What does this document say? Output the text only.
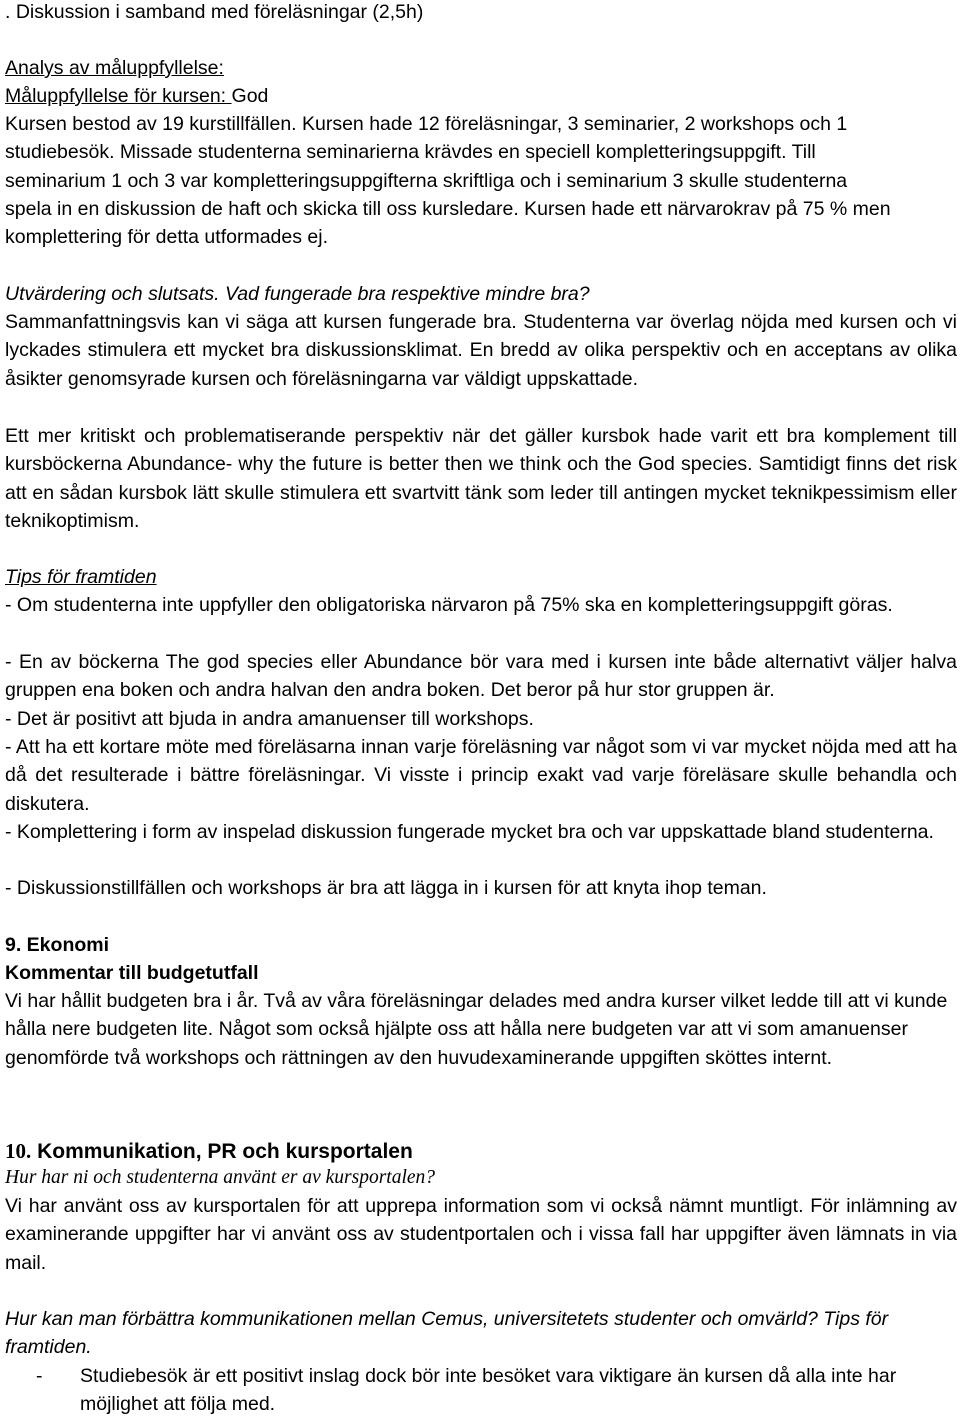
. Diskussion i samband med föreläsningar (2,5h)

Analys av måluppfyllelse:

Måluppfyllelse för kursen: God

Kursen bestod av 19 kurstillfällen. Kursen hade 12 föreläsningar, 3 seminarier, 2 workshops och 1

studiebesök. Missade studenterna seminarierna krävdes en speciell kompletteringsuppgift. Till

seminarium 1 och 3 var kompletteringsuppgifterna skriftliga och i seminarium 3 skulle studenterna

spela in en diskussion de haft och skicka till oss kursledare. Kursen hade ett närvarokrav på 75 % men

komplettering för detta utformades ej.

Utvärdering och slutsats. Vad fungerade bra respektive mindre bra?

Sammanfattningsvis kan vi säga att kursen fungerade bra. Studenterna var överlag nöjda med kursen och vi lyckades stimulera ett mycket bra diskussionsklimat. En bredd av olika perspektiv och en acceptans av olika åsikter genomsyrade kursen och föreläsningarna var väldigt uppskattade.

Ett mer kritiskt och problematiserande perspektiv när det gäller kursbok hade varit ett bra komplement till kursböckerna Abundance- why the future is better then we think och the God species. Samtidigt finns det risk att en sådan kursbok lätt skulle stimulera ett svartvitt tänk som leder till antingen mycket teknikpessimism eller teknikoptimism.

Tips för framtiden

- Om studenterna inte uppfyller den obligatoriska närvaron på 75% ska en kompletteringsuppgift göras.

- En av böckerna The god species eller Abundance bör vara med i kursen inte både alternativt väljer halva gruppen ena boken och andra halvan den andra boken. Det beror på hur stor gruppen är.

- Det är positivt att bjuda in andra amanuenser till workshops.

- Att ha ett kortare möte med föreläsarna innan varje föreläsning var något som vi var mycket nöjda med att ha då det resulterade i bättre föreläsningar. Vi visste i princip exakt vad varje föreläsare skulle behandla och diskutera.

- Komplettering i form av inspelad diskussion fungerade mycket bra och var uppskattade bland studenterna.

- Diskussionstillfällen och workshops är bra att lägga in i kursen för att knyta ihop teman.

9. Ekonomi

Kommentar till budgetutfall

Vi har hållit budgeten bra i år. Två av våra föreläsningar delades med andra kurser vilket ledde till att vi kunde hålla nere budgeten lite. Något som också hjälpte oss att hålla nere budgeten var att vi som amanuenser genomförde två workshops och rättningen av den huvudexaminerande uppgiften sköttes internt.

10. Kommunikation, PR och kursportalen

Hur har ni och studenterna använt er av kursportalen?

Vi har använt oss av kursportalen för att upprepa information som vi också nämnt muntligt. För inlämning av examinerande uppgifter har vi använt oss av studentportalen och i vissa fall har uppgifter även lämnats in via mail.

Hur kan man förbättra kommunikationen mellan Cemus, universitetets studenter och omvärld? Tips för framtiden.

- Studiebesök är ett positivt inslag dock bör inte besöket vara viktigare än kursen då alla inte har möjlighet att följa med.
